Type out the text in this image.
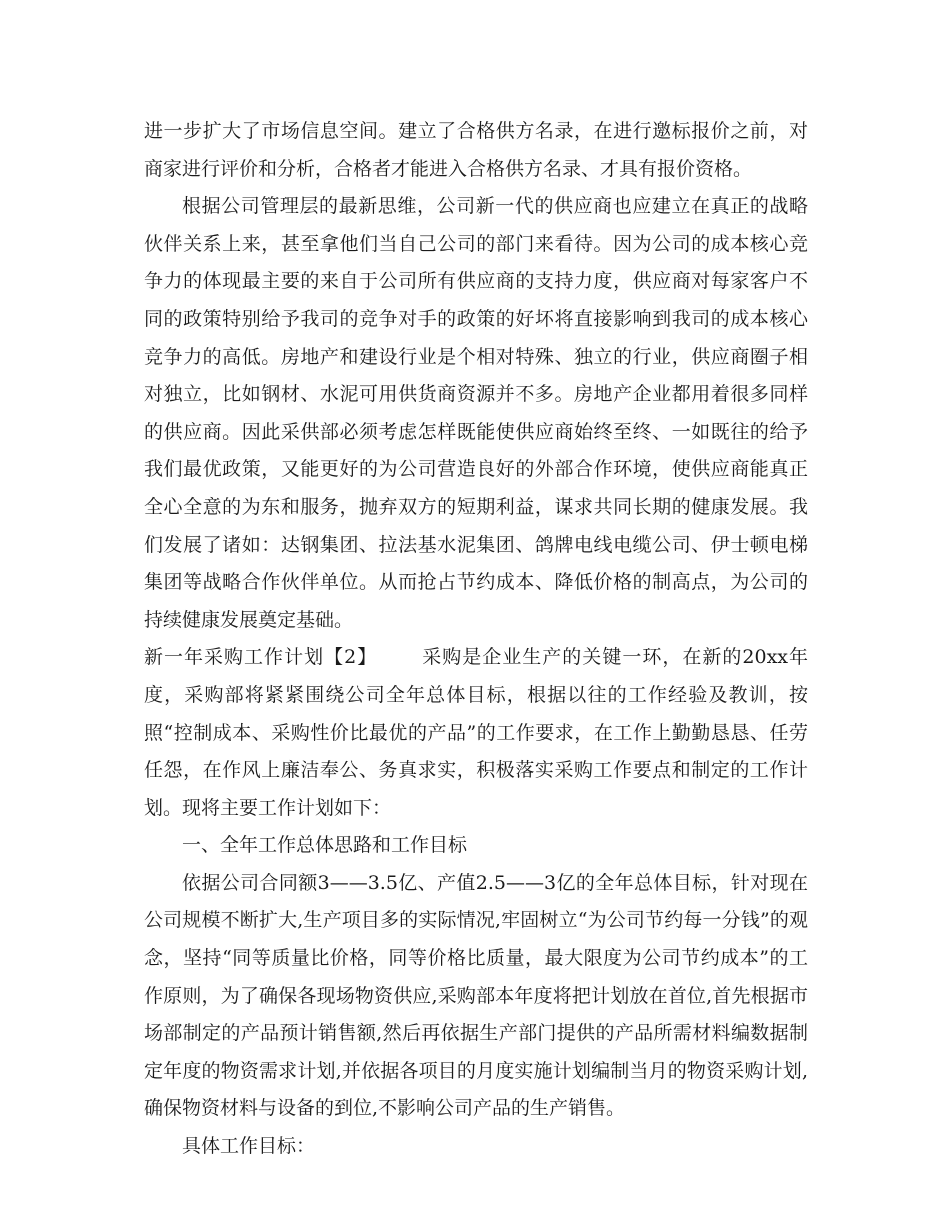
进一步扩大了市场信息空间。建立了合格供方名录，在进行邀标报价之前，对商家进行评价和分析，合格者才能进入合格供方名录、才具有报价资格。

根据公司管理层的最新思维，公司新一代的供应商也应建立在真正的战略伙伴关系上来，甚至拿他们当自己公司的部门来看待。因为公司的成本核心竞争力的体现最主要的来自于公司所有供应商的支持力度，供应商对每家客户不同的政策特别给予我司的竞争对手的政策的好坏将直接影响到我司的成本核心竞争力的高低。房地产和建设行业是个相对特殊、独立的行业，供应商圈子相对独立，比如钢材、水泥可用供货商资源并不多。房地产企业都用着很多同样的供应商。因此采供部必须考虑怎样既能使供应商始终至终、一如既往的给予我们最优政策，又能更好的为公司营造良好的外部合作环境，使供应商能真正全心全意的为东和服务，抛弃双方的短期利益，谋求共同长期的健康发展。我们发展了诸如：达钢集团、拉法基水泥集团、鸽牌电线电缆公司、伊士顿电梯集团等战略合作伙伴单位。从而抢占节约成本、降低价格的制高点，为公司的持续健康发展奠定基础。

新一年采购工作计划【2】 采购是企业生产的关键一环，在新的20xx年度，采购部将紧紧围绕公司全年总体目标，根据以往的工作经验及教训，按照“控制成本、采购性价比最优的产品”的工作要求，在工作上勤勤恳恳、任劳任怨，在作风上廉洁奉公、务真求实，积极落实采购工作要点和制定的工作计划。现将主要工作计划如下：

一、全年工作总体思路和工作目标

依据公司合同额3——3.5亿、产值2.5——3亿的全年总体目标，针对现在公司规模不断扩大,生产项目多的实际情况,牢固树立“为公司节约每一分钱”的观念，坚持“同等质量比价格，同等价格比质量，最大限度为公司节约成本”的工作原则，为了确保各现场物资供应,采购部本年度将把计划放在首位,首先根据市场部制定的产品预计销售额,然后再依据生产部门提供的产品所需材料编数据制定年度的物资需求计划,并依据各项目的月度实施计划编制当月的物资采购计划,确保物资材料与设备的到位,不影响公司产品的生产销售。

具体工作目标：
